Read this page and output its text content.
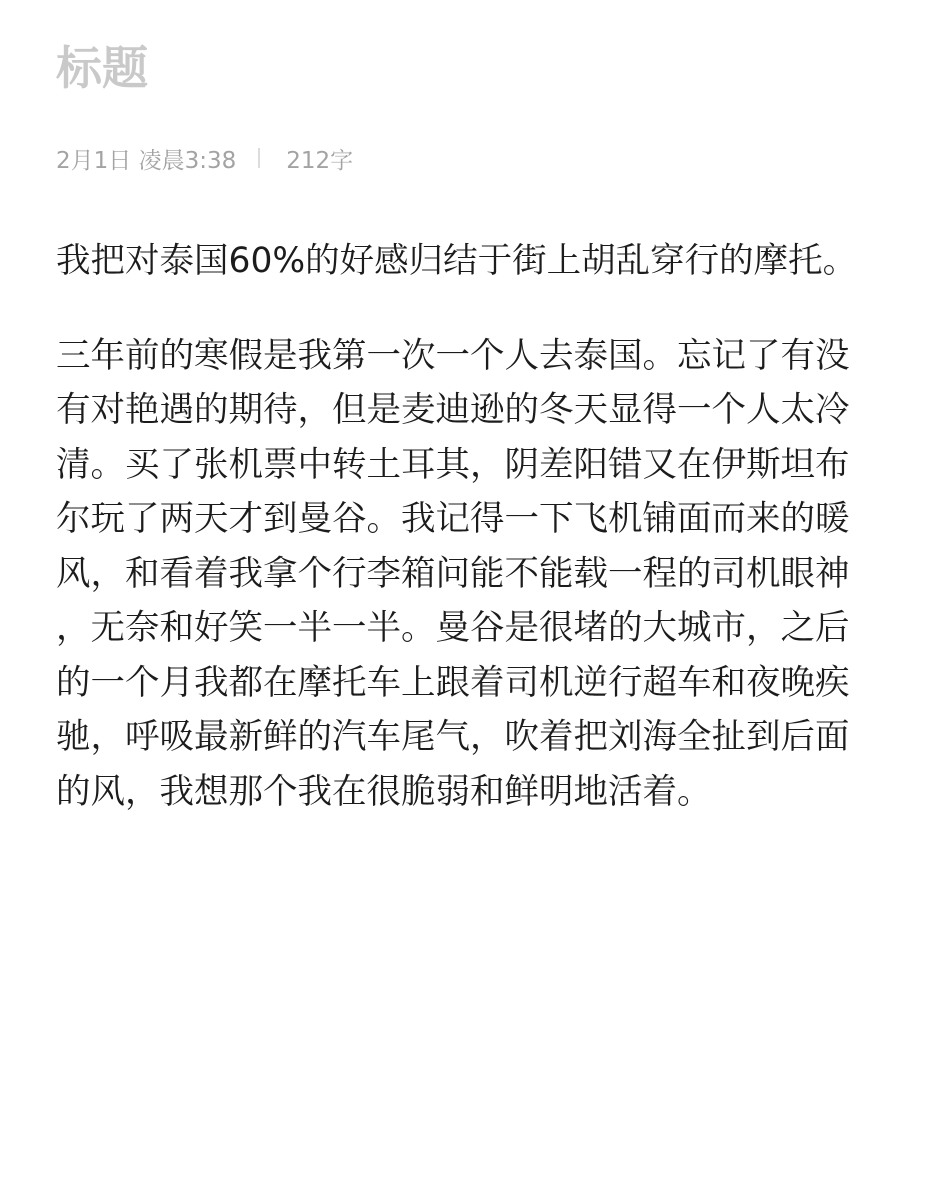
标题
2月1日 凌晨3:38 212字

我把对泰国60%的好感归结于街上胡乱穿行的摩托。

三年前的寒假是我第一次一个人去泰国。忘记了有没有对艳遇的期待，但是麦迪逊的冬天显得一个人太冷清。买了张机票中转土耳其，阴差阳错又在伊斯坦布尔玩了两天才到曼谷。我记得一下飞机铺面而来的暖风，和看着我拿个行李箱问能不能载一程的司机眼神，无奈和好笑一半一半。曼谷是很堵的大城市，之后的一个月我都在摩托车上跟着司机逆行超车和夜晚疾驰，呼吸最新鲜的汽车尾气，吹着把刘海全扯到后面的风，我想那个我在很脆弱和鲜明地活着。
